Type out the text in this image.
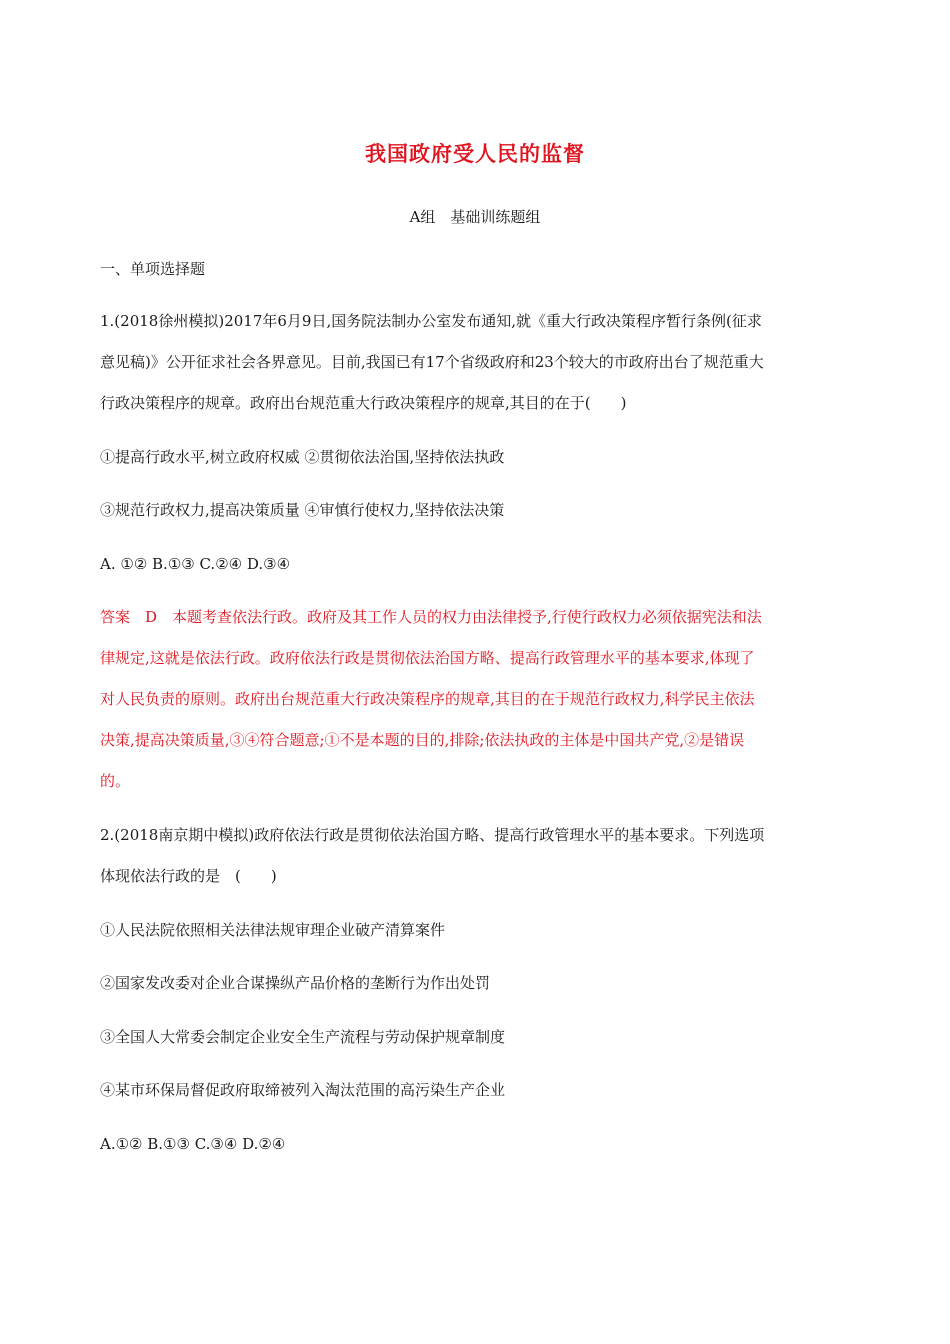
我国政府受人民的监督
A组　基础训练题组
一、单项选择题
1.(2018徐州模拟)2017年6月9日,国务院法制办公室发布通知,就《重大行政决策程序暂行条例(征求
意见稿)》公开征求社会各界意见。目前,我国已有17个省级政府和23个较大的市政府出台了规范重大
行政决策程序的规章。政府出台规范重大行政决策程序的规章,其目的在于(　　)
①提高行政水平,树立政府权威 ②贯彻依法治国,坚持依法执政
③规范行政权力,提高决策质量 ④审慎行使权力,坚持依法决策
A. ①② B.①③ C.②④ D.③④
答案　D　本题考查依法行政。政府及其工作人员的权力由法律授予,行使行政权力必须依据宪法和法
律规定,这就是依法行政。政府依法行政是贯彻依法治国方略、提高行政管理水平的基本要求,体现了
对人民负责的原则。政府出台规范重大行政决策程序的规章,其目的在于规范行政权力,科学民主依法
决策,提高决策质量,③④符合题意;①不是本题的目的,排除;依法执政的主体是中国共产党,②是错误
的。
2.(2018南京期中模拟)政府依法行政是贯彻依法治国方略、提高行政管理水平的基本要求。下列选项
体现依法行政的是　(　　)
①人民法院依照相关法律法规审理企业破产清算案件
②国家发改委对企业合谋操纵产品价格的垄断行为作出处罚
③全国人大常委会制定企业安全生产流程与劳动保护规章制度
④某市环保局督促政府取缔被列入淘汰范围的高污染生产企业
A.①② B.①③ C.③④ D.②④
